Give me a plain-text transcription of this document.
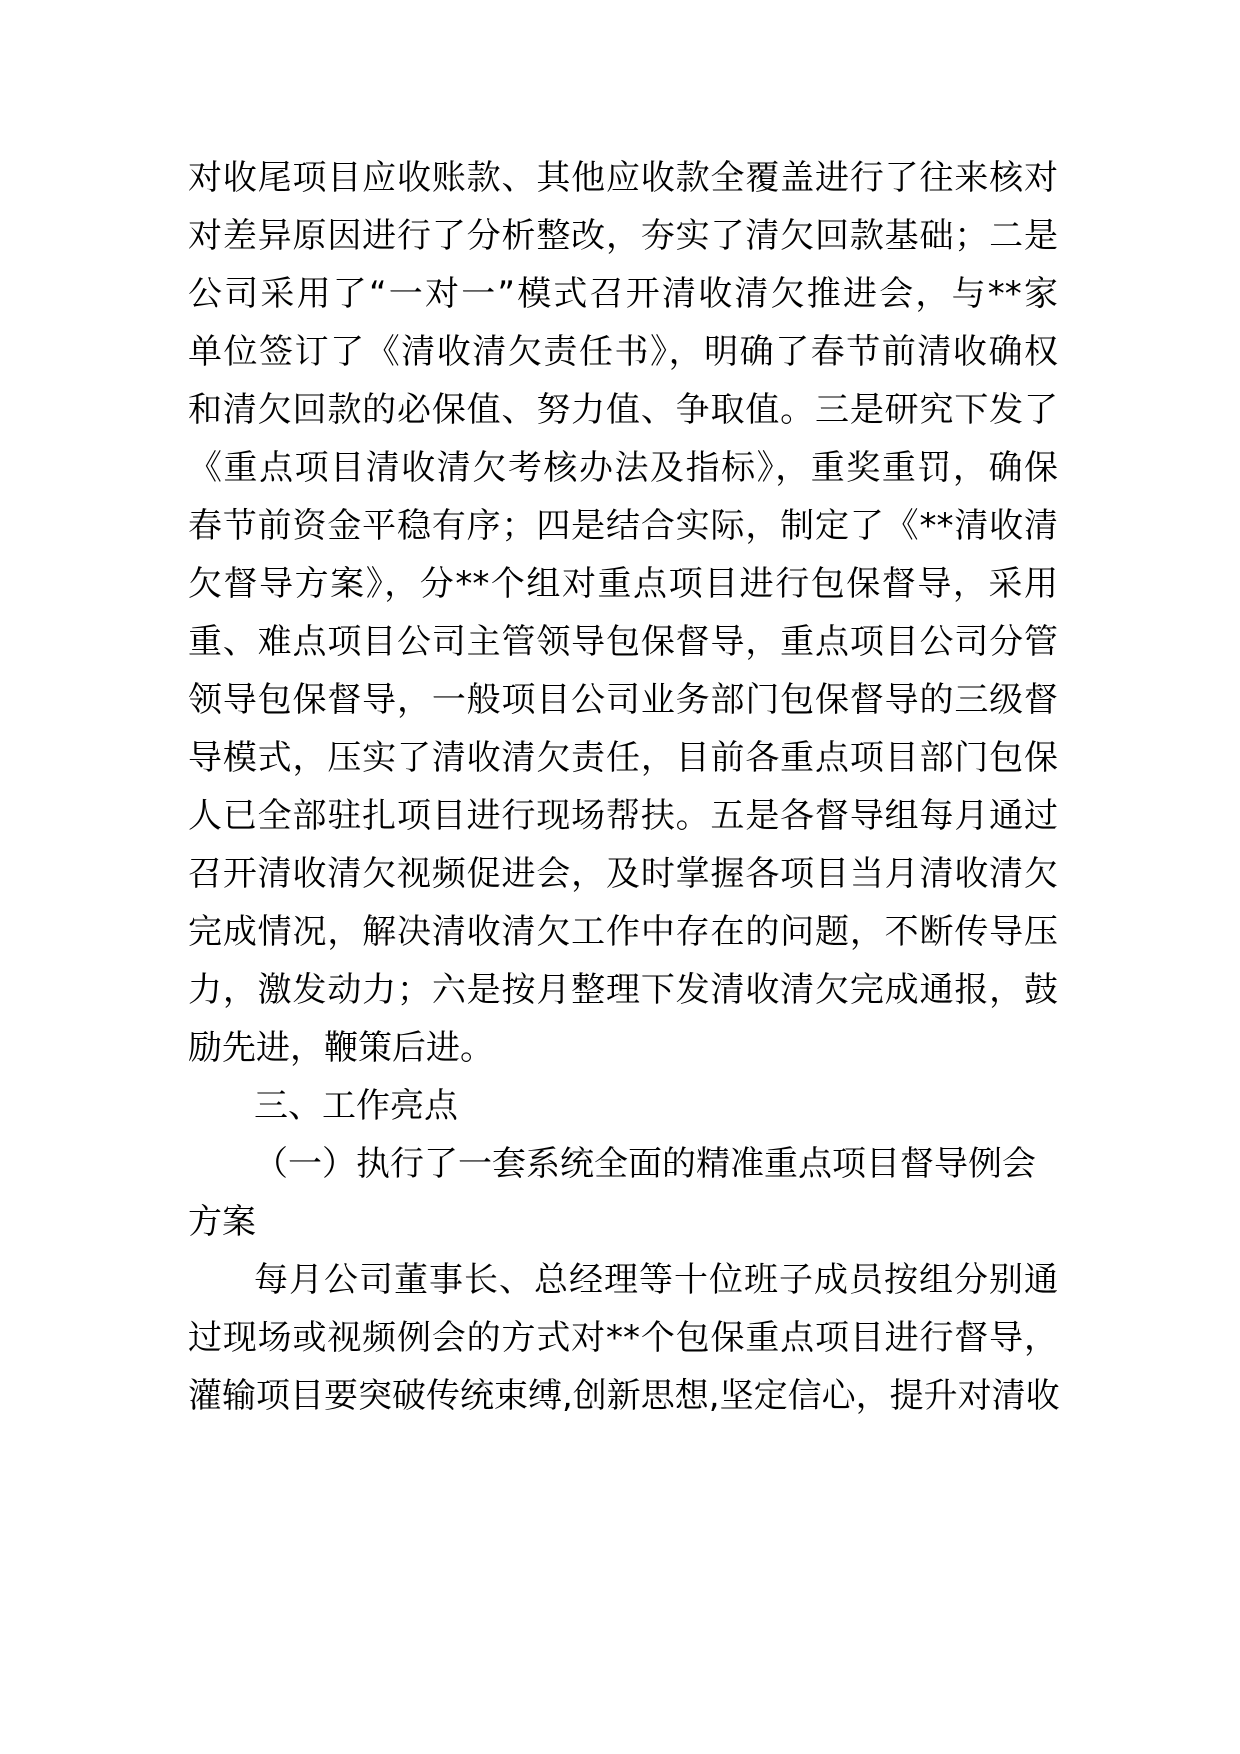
对收尾项目应收账款、其他应收款全覆盖进行了往来核对
对差异原因进行了分析整改，夯实了清欠回款基础；二是
公司采用了“一对一”模式召开清收清欠推进会，与**家
单位签订了《清收清欠责任书》，明确了春节前清收确权
和清欠回款的必保值、努力值、争取值。三是研究下发了
《重点项目清收清欠考核办法及指标》，重奖重罚，确保
春节前资金平稳有序；四是结合实际，制定了《**清收清
欠督导方案》，分**个组对重点项目进行包保督导，采用
重、难点项目公司主管领导包保督导，重点项目公司分管
领导包保督导，一般项目公司业务部门包保督导的三级督
导模式，压实了清收清欠责任，目前各重点项目部门包保
人已全部驻扎项目进行现场帮扶。五是各督导组每月通过
召开清收清欠视频促进会，及时掌握各项目当月清收清欠
完成情况，解决清收清欠工作中存在的问题，不断传导压
力，激发动力；六是按月整理下发清收清欠完成通报，鼓
励先进，鞭策后进。
三、工作亮点
（一）执行了一套系统全面的精准重点项目督导例会
方案
每月公司董事长、总经理等十位班子成员按组分别通
过现场或视频例会的方式对**个包保重点项目进行督导，
灌输项目要突破传统束缚,创新思想,坚定信心，提升对清收
